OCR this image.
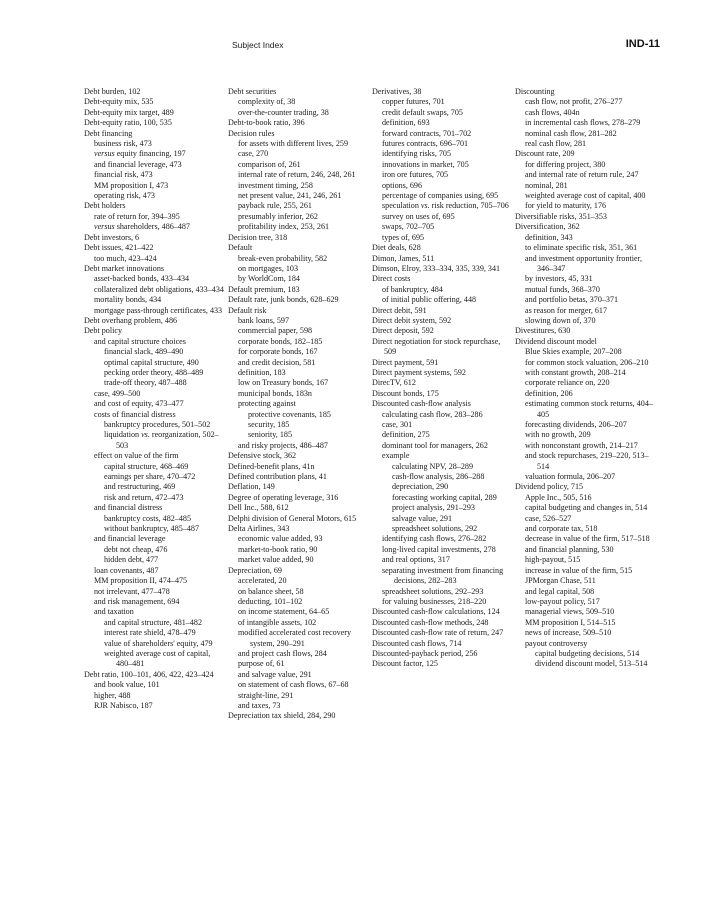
Subject Index	IND-11
Debt burden, 102
Debt-equity mix, 535
Debt-equity mix target, 489
Debt-equity ratio, 100, 535
Debt financing
business risk, 473
versus equity financing, 197
and financial leverage, 473
financial risk, 473
MM proposition I, 473
operating risk, 473
Debt holders
rate of return for, 394–395
versus shareholders, 486–487
Debt investors, 6
Debt issues, 421–422
too much, 423–424
Debt market innovations
asset-backed bonds, 433–434
collateralized debt obligations, 433–434
mortality bonds, 434
mortgage pass-through certificates, 433
Debt overhang problem, 486
Debt policy
and capital structure choices
financial slack, 489–490
optimal capital structure, 490
pecking order theory, 488–489
trade-off theory, 487–488
case, 499–500
and cost of equity, 473–477
costs of financial distress
bankruptcy procedures, 501–502
liquidation vs. reorganization, 502–503
effect on value of the firm
capital structure, 468–469
earnings per share, 470–472
and restructuring, 469
risk and return, 472–473
and financial distress
bankruptcy costs, 482–485
without bankruptcy, 485–487
and financial leverage
debt not cheap, 476
hidden debt, 477
loan covenants, 487
MM proposition II, 474–475
not irrelevant, 477–478
and risk management, 694
and taxation
and capital structure, 481–482
interest rate shield, 478–479
value of shareholders' equity, 479
weighted average cost of capital, 480–481
Debt ratio, 100–101, 406, 422, 423–424
and book value, 101
higher, 488
RJR Nabisco, 187
Debt securities
complexity of, 38
over-the-counter trading, 38
Debt-to-book ratio, 396
Decision rules
for assets with different lives, 259
case, 270
comparison of, 261
internal rate of return, 246, 248, 261
investment timing, 258
net present value, 241, 246, 261
payback rule, 255, 261
presumably inferior, 262
profitability index, 253, 261
Decision tree, 318
Default
break-even probability, 582
on mortgages, 103
by WorldCom, 184
Default premium, 183
Default rate, junk bonds, 628–629
Default risk
bank loans, 597
commercial paper, 598
corporate bonds, 182–185
for corporate bonds, 167
and credit decision, 581
definition, 183
low on Treasury bonds, 167
municipal bonds, 183n
protecting against
protective covenants, 185
security, 185
seniority, 185
and risky projects, 486–487
Defensive stock, 362
Defined-benefit plans, 41n
Defined contribution plans, 41
Deflation, 149
Degree of operating leverage, 316
Dell Inc., 588, 612
Delphi division of General Motors, 615
Delta Airlines, 343
economic value added, 93
market-to-book ratio, 90
market value added, 90
Depreciation, 69
accelerated, 20
on balance sheet, 58
deducting, 101–102
on income statement, 64–65
of intangible assets, 102
modified accelerated cost recovery system, 290–291
and project cash flows, 284
purpose of, 61
and salvage value, 291
on statement of cash flows, 67–68
straight-line, 291
and taxes, 73
Depreciation tax shield, 284, 290
Derivatives, 38
copper futures, 701
credit default swaps, 705
definition, 693
forward contracts, 701–702
futures contracts, 696–701
identifying risks, 705
innovations in market, 705
iron ore futures, 705
options, 696
percentage of companies using, 695
speculation vs. risk reduction, 705–706
survey on uses of, 695
swaps, 702–705
types of, 695
Diet deals, 628
Dimon, James, 511
Dimson, Elroy, 333–334, 335, 339, 341
Direct costs
of bankruptcy, 484
of initial public offering, 448
Direct debit, 591
Direct debit system, 592
Direct deposit, 592
Direct negotiation for stock repurchase, 509
Direct payment, 591
Direct payment systems, 592
DirecTV, 612
Discount bonds, 175
Discounted cash-flow analysis
calculating cash flow, 283–286
case, 301
definition, 275
dominant tool for managers, 262
example
calculating NPV, 28–289
cash-flow analysis, 286–288
depreciation, 290
forecasting working capital, 289
project analysis, 291–293
salvage value, 291
spreadsheet solutions, 292
identifying cash flows, 276–282
long-lived capital investments, 278
and real options, 317
separating investment from financing decisions, 282–283
spreadsheet solutions, 292–293
for valuing businesses, 218–220
Discounted cash-flow calculations, 124
Discounted cash-flow methods, 248
Discounted cash-flow rate of return, 247
Discounted cash flows, 714
Discounted-payback period, 256
Discount factor, 125
Discounting
cash flow, not profit, 276–277
cash flows, 404n
in incremental cash flows, 278–279
nominal cash flow, 281–282
real cash flow, 281
Discount rate, 209
for differing project, 380
and internal rate of return rule, 247
nominal, 281
weighted average cost of capital, 400
for yield to maturity, 176
Diversifiable risks, 351–353
Diversification, 362
definition, 343
to eliminate specific risk, 351, 361
and investment opportunity frontier, 346–347
by investors, 45, 331
mutual funds, 368–370
and portfolio betas, 370–371
as reason for merger, 617
slowing down of, 370
Divestitures, 630
Dividend discount model
Blue Skies example, 207–208
for common stock valuation, 206–210
with constant growth, 208–214
corporate reliance on, 220
definition, 206
estimating common stock returns, 404–405
forecasting dividends, 206–207
with no growth, 209
with nonconstant growth, 214–217
and stock repurchases, 219–220, 513–514
valuation formula, 206–207
Dividend policy, 715
Apple Inc., 505, 516
capital budgeting and changes in, 514
case, 526–527
and corporate tax, 518
decrease in value of the firm, 517–518
and financial planning, 530
high-payout, 515
increase in value of the firm, 515
JPMorgan Chase, 511
and legal capital, 508
low-payout policy, 517
managerial views, 509–510
MM proposition I, 514–515
news of increase, 509–510
payout controversy
capital budgeting decisions, 514
dividend discount model, 513–514
